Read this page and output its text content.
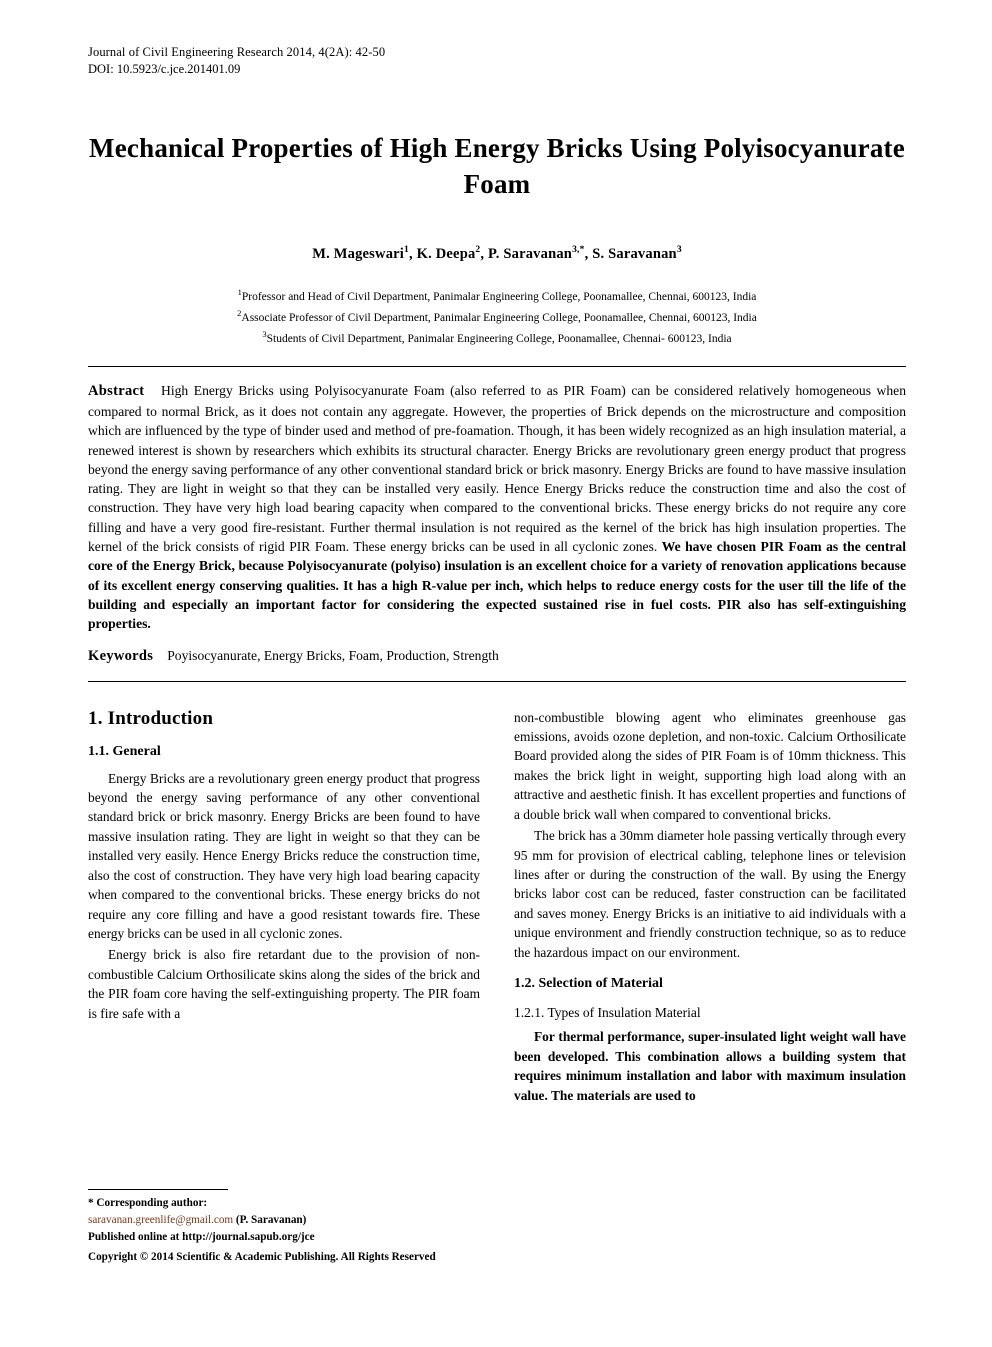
Journal of Civil Engineering Research 2014, 4(2A): 42-50
DOI: 10.5923/c.jce.201401.09
Mechanical Properties of High Energy Bricks Using Polyisocyanurate Foam
M. Mageswari$^1$, K. Deepa$^2$, P. Saravanan$^{3,*}$, S. Saravanan$^3$
$^1$Professor and Head of Civil Department, Panimalar Engineering College, Poonamallee, Chennai, 600123, India
$^2$Associate Professor of Civil Department, Panimalar Engineering College, Poonamallee, Chennai, 600123, India
$^3$Students of Civil Department, Panimalar Engineering College, Poonamallee, Chennai- 600123, India
Abstract High Energy Bricks using Polyisocyanurate Foam (also referred to as PIR Foam) can be considered relatively homogeneous when compared to normal Brick, as it does not contain any aggregate. However, the properties of Brick depends on the microstructure and composition which are influenced by the type of binder used and method of pre-foamation. Though, it has been widely recognized as an high insulation material, a renewed interest is shown by researchers which exhibits its structural character. Energy Bricks are revolutionary green energy product that progress beyond the energy saving performance of any other conventional standard brick or brick masonry. Energy Bricks are found to have massive insulation rating. They are light in weight so that they can be installed very easily. Hence Energy Bricks reduce the construction time and also the cost of construction. They have very high load bearing capacity when compared to the conventional bricks. These energy bricks do not require any core filling and have a very good fire-resistant. Further thermal insulation is not required as the kernel of the brick has high insulation properties. The kernel of the brick consists of rigid PIR Foam. These energy bricks can be used in all cyclonic zones. We have chosen PIR Foam as the central core of the Energy Brick, because Polyisocyanurate (polyiso) insulation is an excellent choice for a variety of renovation applications because of its excellent energy conserving qualities. It has a high R-value per inch, which helps to reduce energy costs for the user till the life of the building and especially an important factor for considering the expected sustained rise in fuel costs. PIR also has self-extinguishing properties.
Keywords Poyisocyanurate, Energy Bricks, Foam, Production, Strength
1. Introduction
1.1. General

Energy Bricks are a revolutionary green energy product that progress beyond the energy saving performance of any other conventional standard brick or brick masonry. Energy Bricks are been found to have massive insulation rating. They are light in weight so that they can be installed very easily. Hence Energy Bricks reduce the construction time, also the cost of construction. They have very high load bearing capacity when compared to the conventional bricks. These energy bricks do not require any core filling and have a good resistant towards fire. These energy bricks can be used in all cyclonic zones.

Energy brick is also fire retardant due to the provision of non-combustible Calcium Orthosilicate skins along the sides of the brick and the PIR foam core having the self-extinguishing property. The PIR foam is fire safe with a

non-combustible blowing agent who eliminates greenhouse gas emissions, avoids ozone depletion, and non-toxic. Calcium Orthosilicate Board provided along the sides of PIR Foam is of 10mm thickness. This makes the brick light in weight, supporting high load along with an attractive and aesthetic finish. It has excellent properties and functions of a double brick wall when compared to conventional bricks.

The brick has a 30mm diameter hole passing vertically through every 95 mm for provision of electrical cabling, telephone lines or television lines after or during the construction of the wall. By using the Energy bricks labor cost can be reduced, faster construction can be facilitated and saves money. Energy Bricks is an initiative to aid individuals with a unique environment and friendly construction technique, so as to reduce the hazardous impact on our environment.

1.2. Selection of Material
1.2.1. Types of Insulation Material

For thermal performance, super-insulated light weight wall have been developed. This combination allows a building system that requires minimum installation and labor with maximum insulation value. The materials are used to

* Corresponding author:
saravanan.greenlife@gmail.com (P. Saravanan)
Published online at http://journal.sapub.org/jce
Copyright © 2014 Scientific & Academic Publishing. All Rights Reserved
